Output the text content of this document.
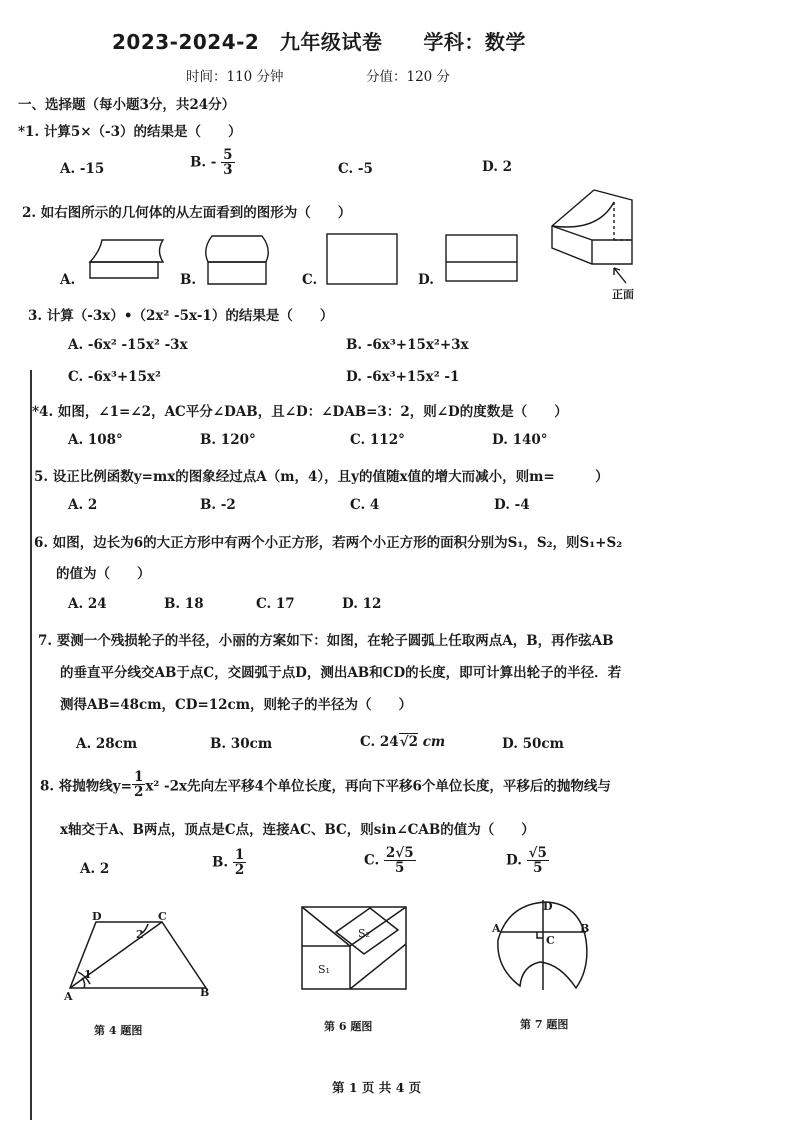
2023-2024-2　九年级试卷　　学科：数学
时间：110 分钟	分值：120 分
一、选择题（每小题3分，共24分）
*1. 计算5×（-3）的结果是（　　）
A. -15	B. - $\frac{5}{3}$	C. -5	D. 2
2. 如右图所示的几何体的从左面看到的图形为（　　）
A.	B.	C.	D.
正面
3. 计算（-3x）•（2x² -5x-1）的结果是（　　）
A. -6x² -15x² -3x	B. -6x³+15x²+3x
C. -6x³+15x²	D. -6x³+15x² -1
*4. 如图，∠1=∠2，AC平分∠DAB，且∠D：∠DAB=3：2，则∠D的度数是（　　）
A. 108°	B. 120°	C. 112°	D. 140°
5. 设正比例函数y=mx的图象经过点A（m，4），且y的值随x值的增大而减小，则m=　　　）
A. 2	B. -2	C. 4	D. -4
6. 如图，边长为6的大正方形中有两个小正方形，若两个小正方形的面积分别为S₁，S₂，则S₁+S₂
的值为（　　）
A. 24	B. 18	C. 17	D. 12
7. 要测一个残损轮子的半径，小丽的方案如下：如图，在轮子圆弧上任取两点A，B，再作弦AB
的垂直平分线交AB于点C，交圆弧于点D，测出AB和CD的长度，即可计算出轮子的半径．若
测得AB=48cm，CD=12cm，则轮子的半径为（　　）
A. 28cm	B. 30cm	C. 24√2 cm	D. 50cm
8. 将抛物线$y= \frac{1}{2} x^2$ -2x先向左平移4个单位长度，再向下平移6个单位长度，平移后的抛物线与
x轴交于A、B两点，顶点是C点，连接AC、BC，则sin∠CAB的值为（　　）
A. 2	B. $\frac{1}{2}$	C. $\frac{2√5}{5}$	D. $\frac{√5}{5}$
D	C
A	B
1
2	S₂
S₁
A	B
C
D
第 4 题图	第 6 题图	第 7 题图
第 1 页 共 4 页
